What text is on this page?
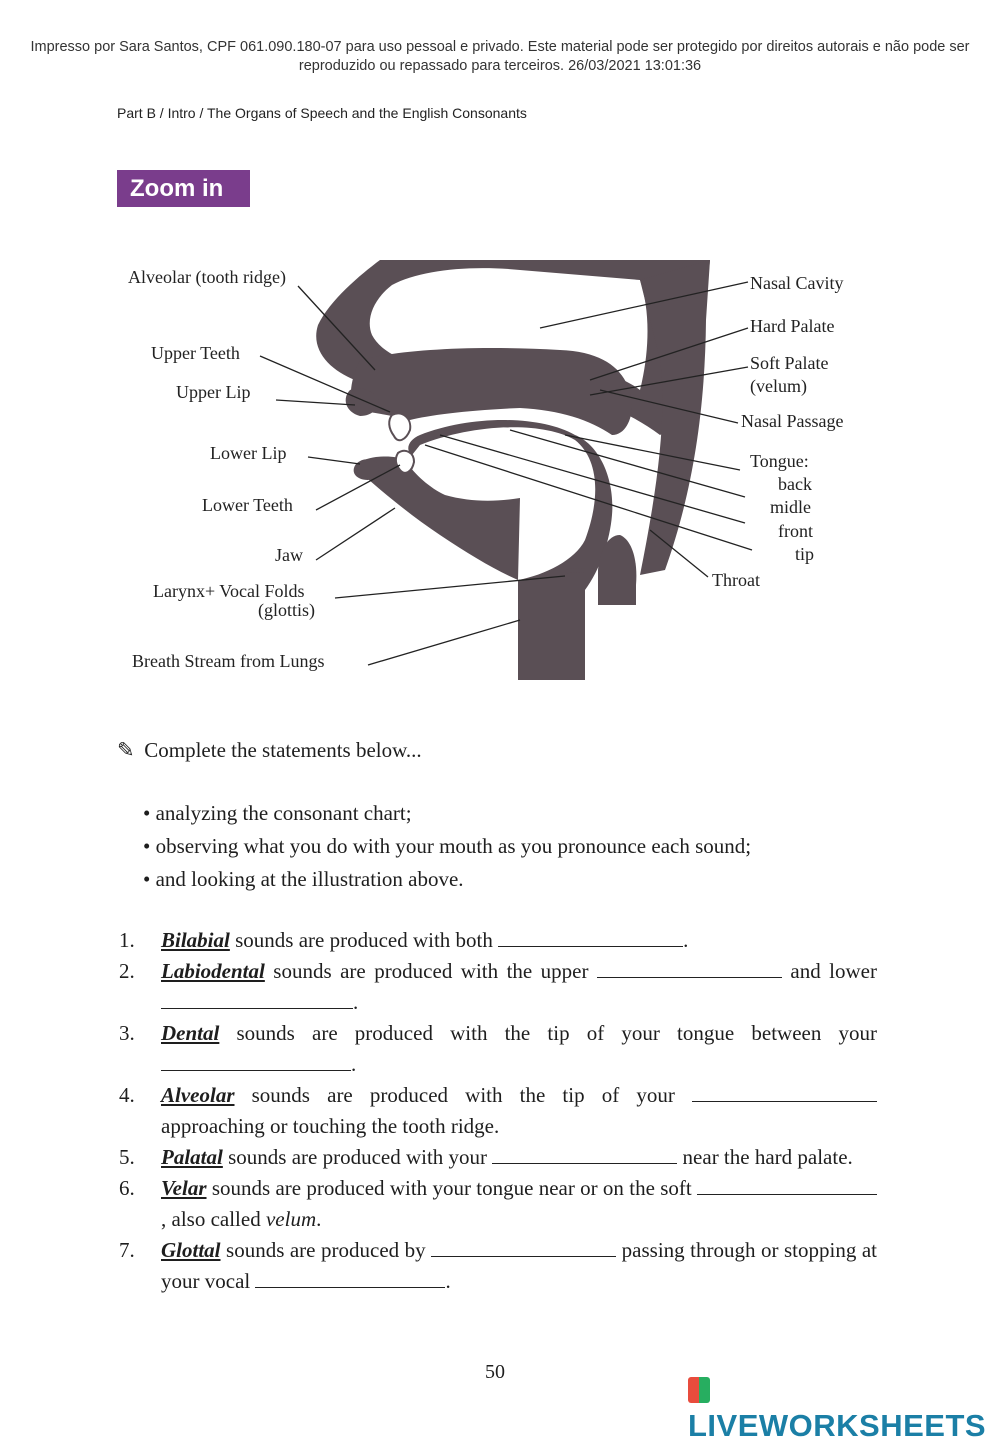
Impresso por Sara Santos, CPF 061.090.180-07 para uso pessoal e privado. Este material pode ser protegido por direitos autorais e não pode ser reproduzido ou repassado para terceiros. 26/03/2021 13:01:36
Part B / Intro / The Organs of Speech and the English Consonants
Zoom in
Alveolar (tooth ridge)
Upper Teeth
Upper Lip
Lower Lip
Lower Teeth
Jaw
Larynx+ Vocal Folds
(glottis)
Breath Stream from Lungs
Nasal Cavity
Hard Palate
Soft Palate
(velum)
Nasal Passage
Tongue:
back
midle
front
tip
Throat
✎ Complete the statements below...
• analyzing the consonant chart;
• observing what you do with your mouth as you pronounce each sound;
• and looking at the illustration above.
1. Bilabial sounds are produced with both	.
2. Labiodental sounds are produced with the upper	and lower .
3. Dental sounds are produced with the tip of your tongue between your .
4. Alveolar sounds are produced with the tip of your  approaching or touching the tooth ridge.
5. Palatal sounds are produced with your	near the hard palate.
6. Velar sounds are produced with your tongue near or on the soft , also called velum.
7. Glottal sounds are produced by	passing through or stopping at your vocal	.
50
LIVEWORKSHEETS
